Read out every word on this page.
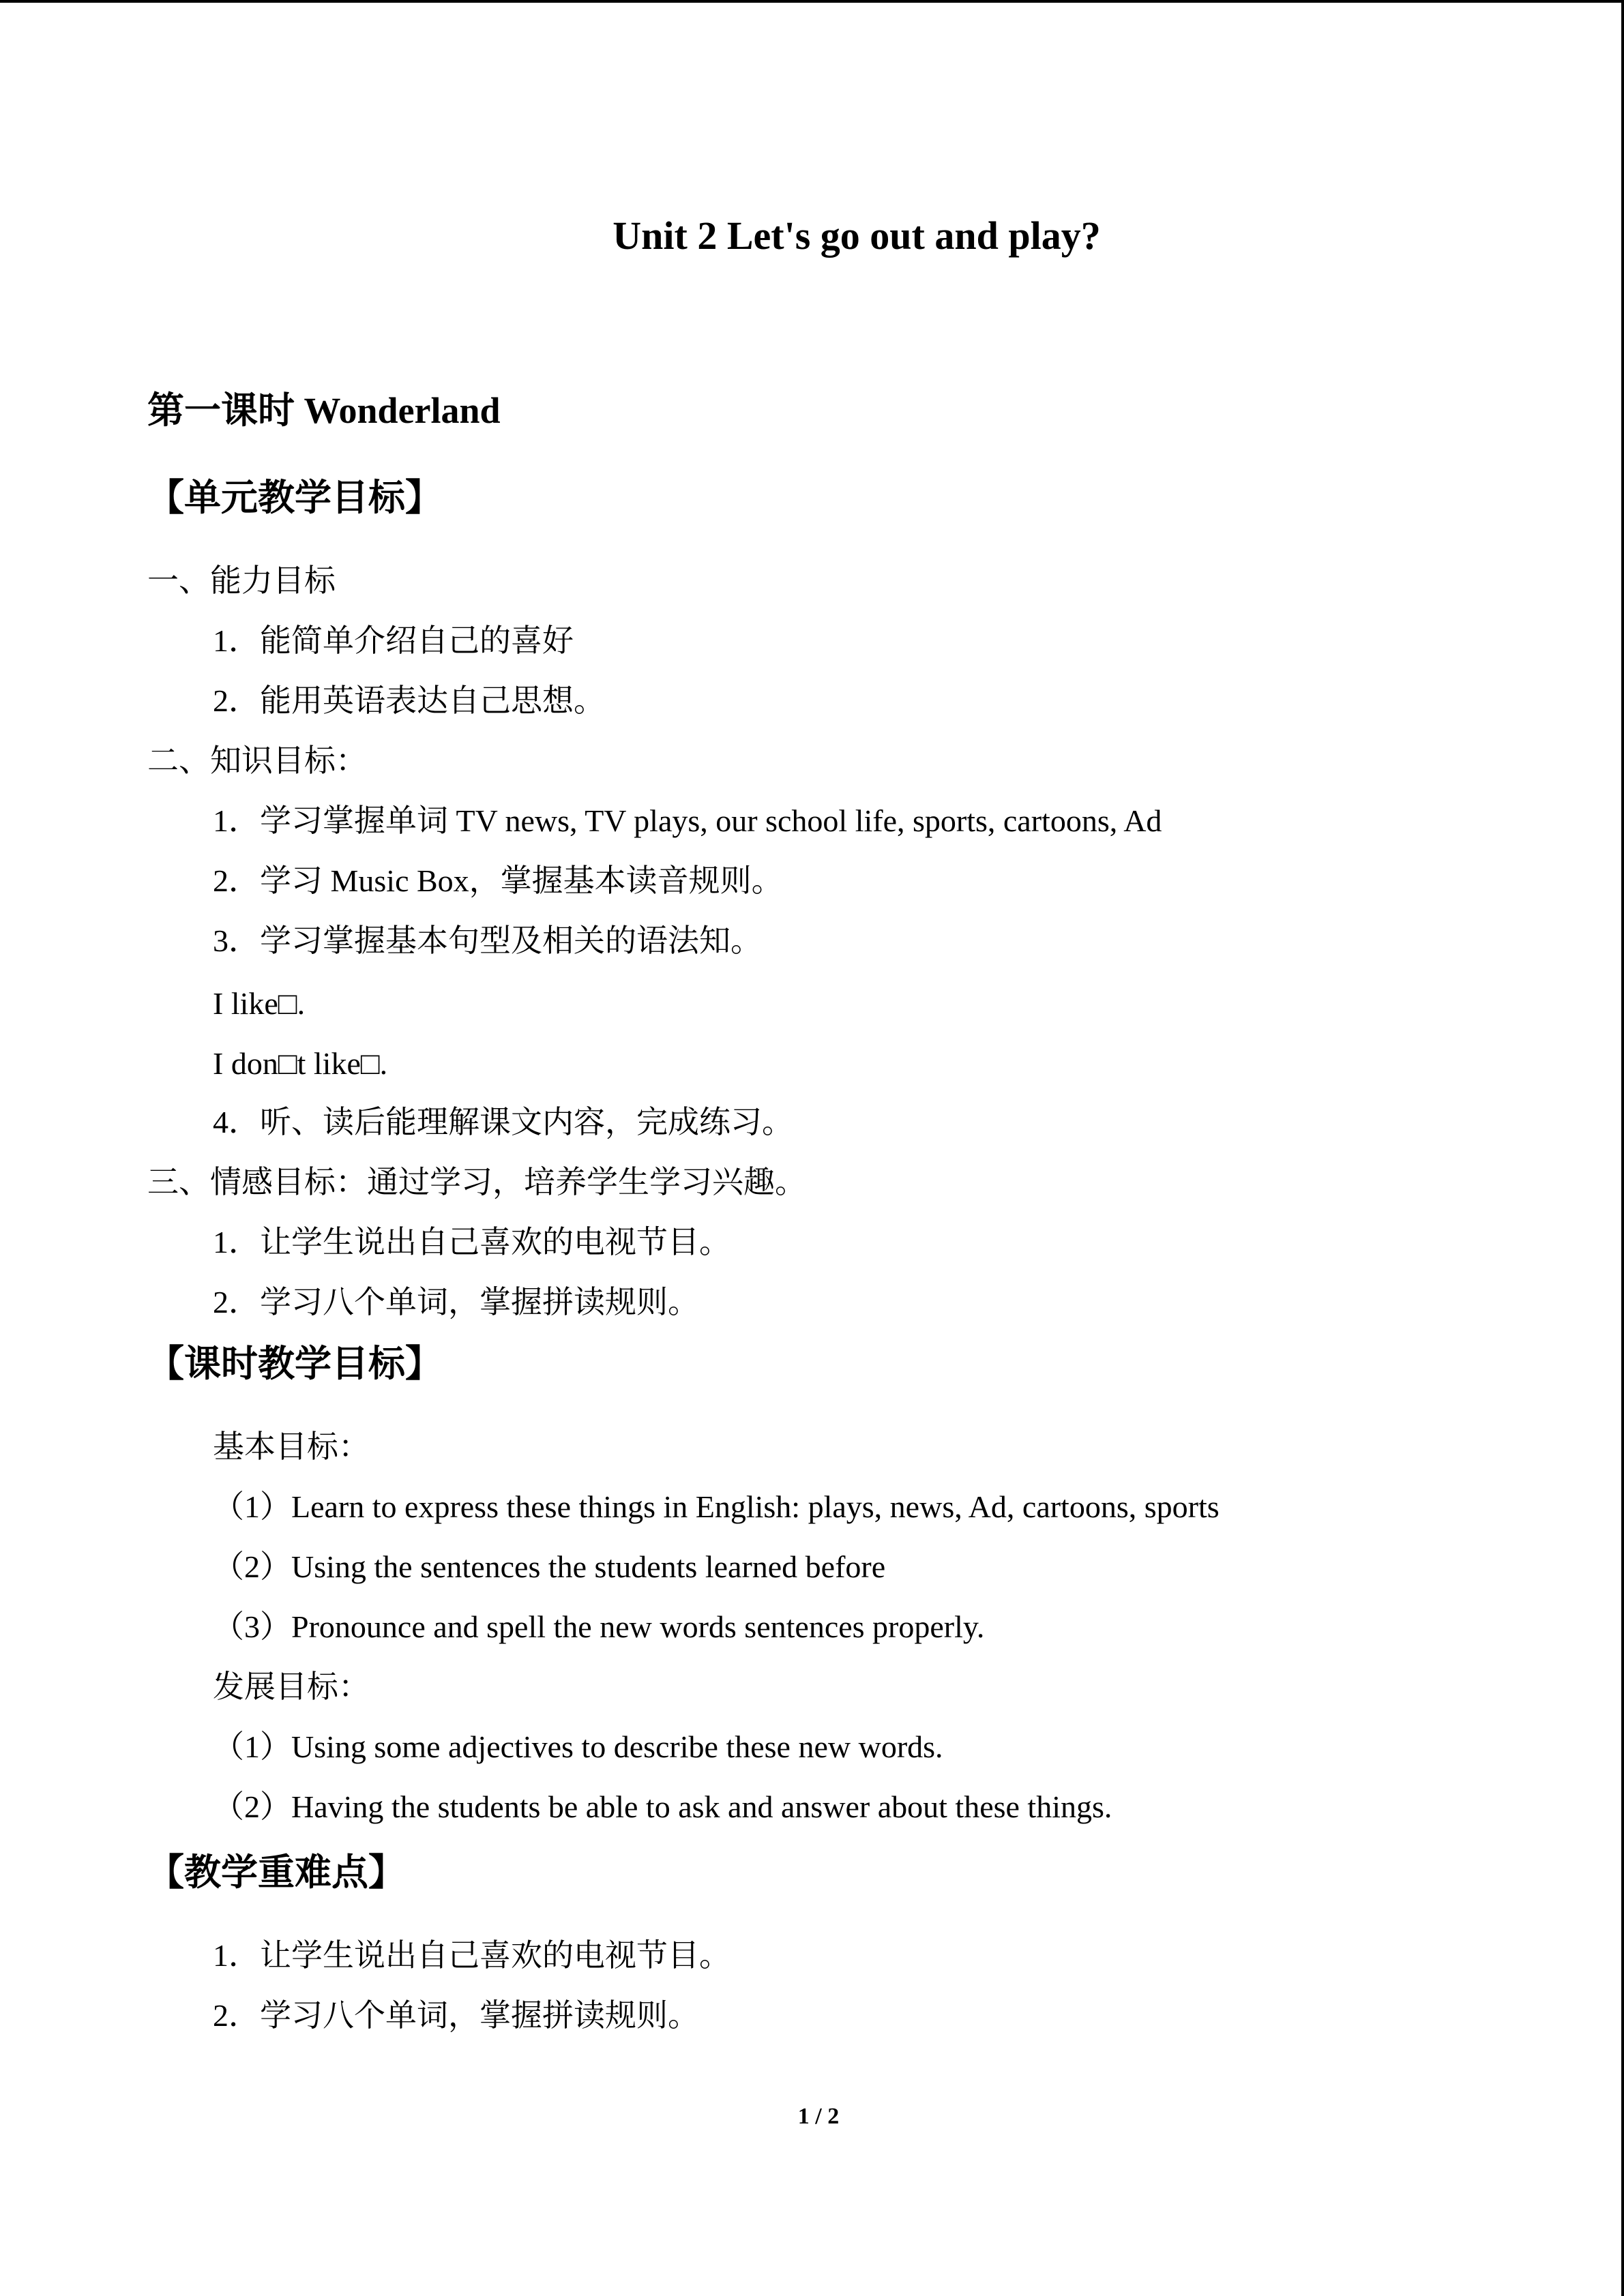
Unit 2 Let's go out and play?
第一课时 Wonderland
【单元教学目标】
一、能力目标
1．能简单介绍自己的喜好
2．能用英语表达自己思想。
二、知识目标：
1．学习掌握单词 TV news, TV plays, our school life, sports, cartoons, Ad
2．学习 Music Box，掌握基本读音规则。
3．学习掌握基本句型及相关的语法知。
I like□.
I don□t like□.
4．听、读后能理解课文内容，完成练习。
三、情感目标：通过学习，培养学生学习兴趣。
1．让学生说出自己喜欢的电视节目。
2．学习八个单词，掌握拼读规则。
【课时教学目标】
基本目标：
（1）Learn to express these things in English: plays, news, Ad, cartoons, sports
（2）Using the sentences the students learned before
（3）Pronounce and spell the new words sentences properly.
发展目标：
（1）Using some adjectives to describe these new words.
（2）Having the students be able to ask and answer about these things.
【教学重难点】
1．让学生说出自己喜欢的电视节目。
2．学习八个单词，掌握拼读规则。
1 / 2
